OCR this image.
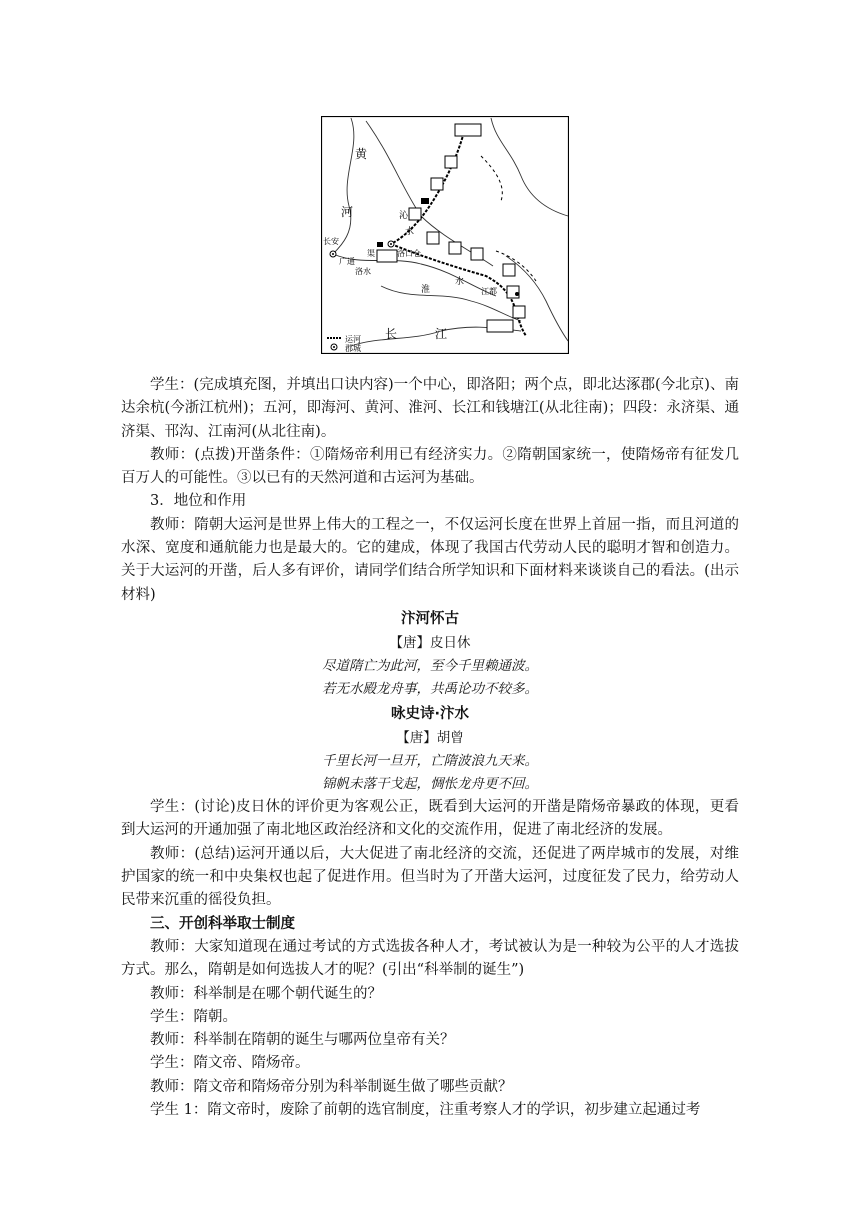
运河
郡城
黄
河	沁
水
长安
广通
渠
洛水
洛口仓
淮
水
江都
长	江

学生：(完成填充图，并填出口诀内容)一个中心，即洛阳；两个点，即北达涿郡(今北京)、南达余杭(今浙江杭州)；五河，即海河、黄河、淮河、长江和钱塘江(从北往南)；四段：永济渠、通济渠、邗沟、江南河(从北往南)。

教师：(点拨)开凿条件：①隋炀帝利用已有经济实力。②隋朝国家统一，使隋炀帝有征发几百万人的可能性。③以已有的天然河道和古运河为基础。

3．地位和作用

教师：隋朝大运河是世界上伟大的工程之一，不仅运河长度在世界上首屈一指，而且河道的水深、宽度和通航能力也是最大的。它的建成，体现了我国古代劳动人民的聪明才智和创造力。关于大运河的开凿，后人多有评价，请同学们结合所学知识和下面材料来谈谈自己的看法。(出示材料)

汴河怀古
【唐】皮日休
尽道隋亡为此河，至今千里赖通波。
若无水殿龙舟事，共禹论功不较多。
咏史诗·汴水
【唐】胡曾
千里长河一旦开，亡隋波浪九天来。
锦帆未落干戈起，惆怅龙舟更不回。

学生：(讨论)皮日休的评价更为客观公正，既看到大运河的开凿是隋炀帝暴政的体现，更看到大运河的开通加强了南北地区政治经济和文化的交流作用，促进了南北经济的发展。

教师：(总结)运河开通以后，大大促进了南北经济的交流，还促进了两岸城市的发展，对维护国家的统一和中央集权也起了促进作用。但当时为了开凿大运河，过度征发了民力，给劳动人民带来沉重的徭役负担。

三、开创科举取士制度

教师：大家知道现在通过考试的方式选拔各种人才，考试被认为是一种较为公平的人才选拔方式。那么，隋朝是如何选拔人才的呢？(引出“科举制的诞生”)

教师：科举制是在哪个朝代诞生的？

学生：隋朝。

教师：科举制在隋朝的诞生与哪两位皇帝有关？

学生：隋文帝、隋炀帝。

教师：隋文帝和隋炀帝分别为科举制诞生做了哪些贡献？

学生 1：隋文帝时，废除了前朝的选官制度，注重考察人才的学识，初步建立起通过考
